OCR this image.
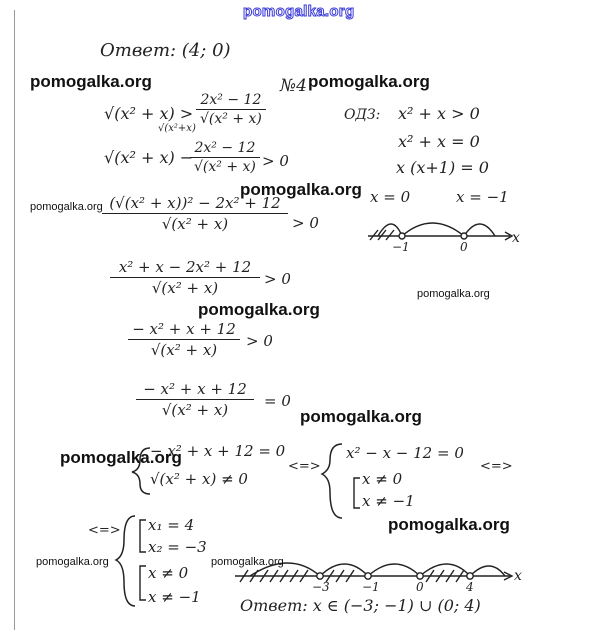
Ответ: (4; 0)
№4
√(x² + x) >
2x² − 12
√(x² + x)
√(x²+x)
√(x² + x) − 2x² − 12
√(x² + x) > 0
(√(x² + x))² − 2x² + 12
√(x² + x)	> 0
x² + x − 2x² + 12
√(x² + x)	> 0
− x² + x + 12
√(x² + x)	> 0
− x² + x + 12
√(x² + x)	= 0
ОДЗ: x² + x > 0
x² + x = 0
x (x+1) = 0
x = 0	x = −1
−1	0
x
− x² + x + 12 = 0
√(x² + x) ≠ 0
<=>
x² − x − 12 = 0
x ≠ 0
x ≠ −1
<=>
<=> x₁ = 4
x₂ = −3
x ≠ 0
x ≠ −1
−3	−1	0	4
x
Ответ: x ∈ (−3; −1) ∪ (0; 4)
pomogalka.org
pomogalka.org	pomogalka.org
pomogalka.org
pomogalka.org
pomogalka.org
pomogalka.org
pomogalka.org
pomogalka.org
pomogalka.org
pomogalka.org	pomogalka.org
